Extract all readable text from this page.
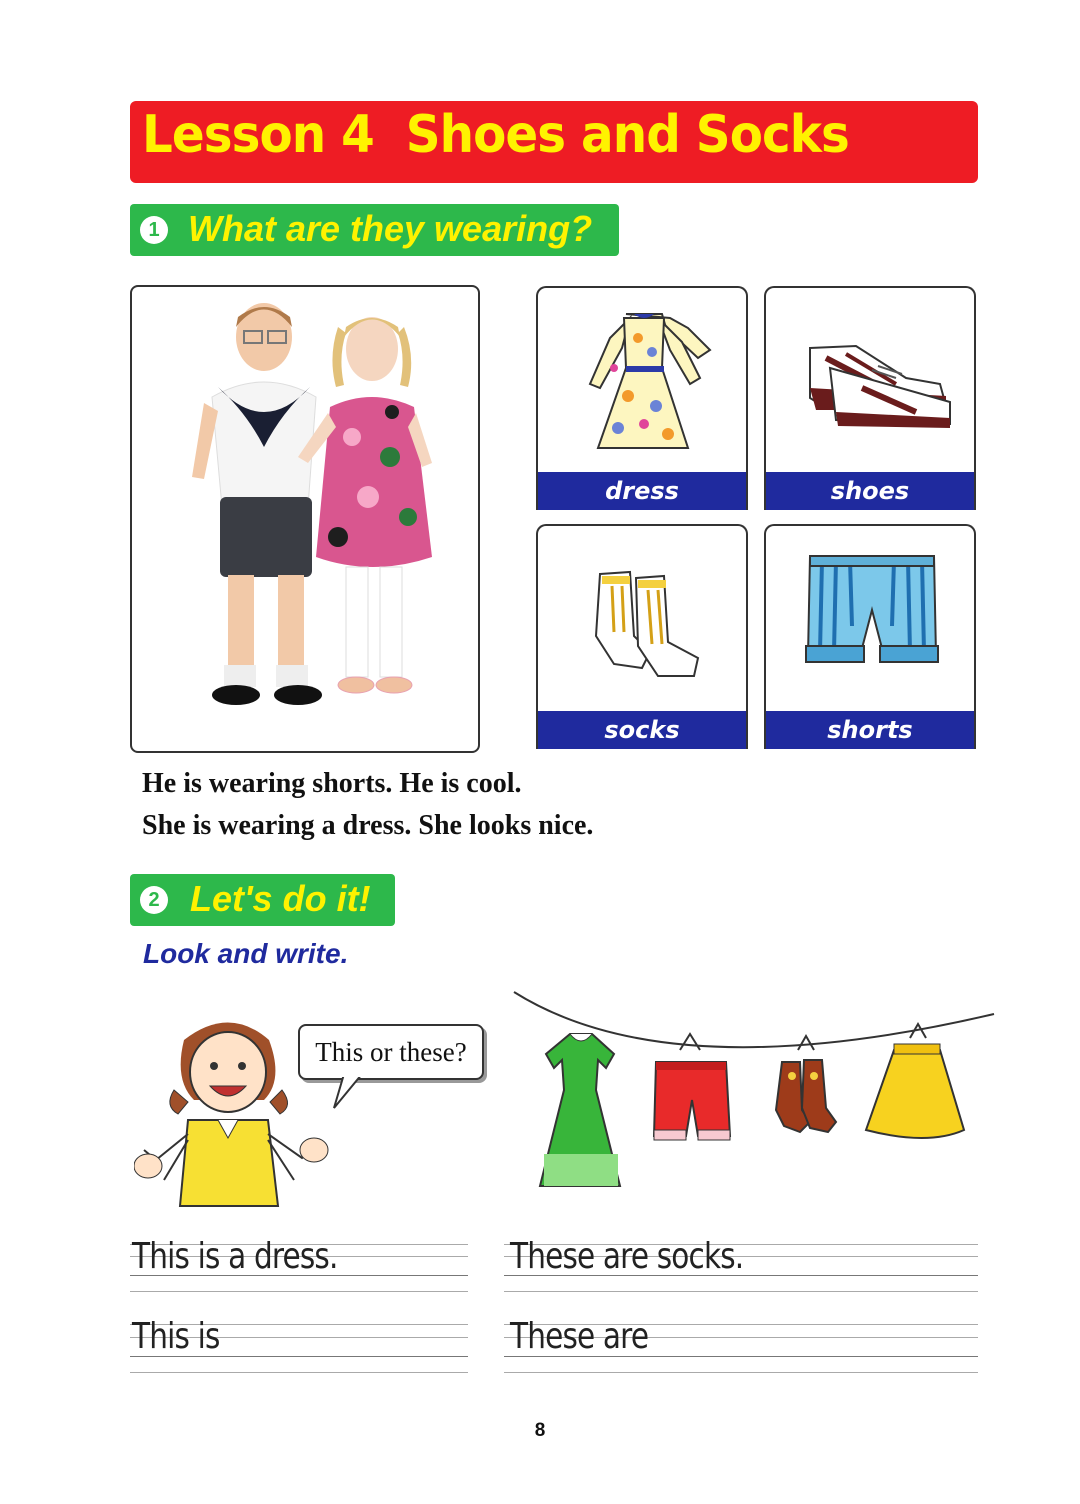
Lesson 4  Shoes and Socks
1 What are they wearing?
dress	shoes
socks	shorts
He is wearing shorts. He is cool.
She is wearing a dress. She looks nice.
2 Let's do it!
Look and write.
This or these?
This is a dress.
This is
These are socks.
These are
8
